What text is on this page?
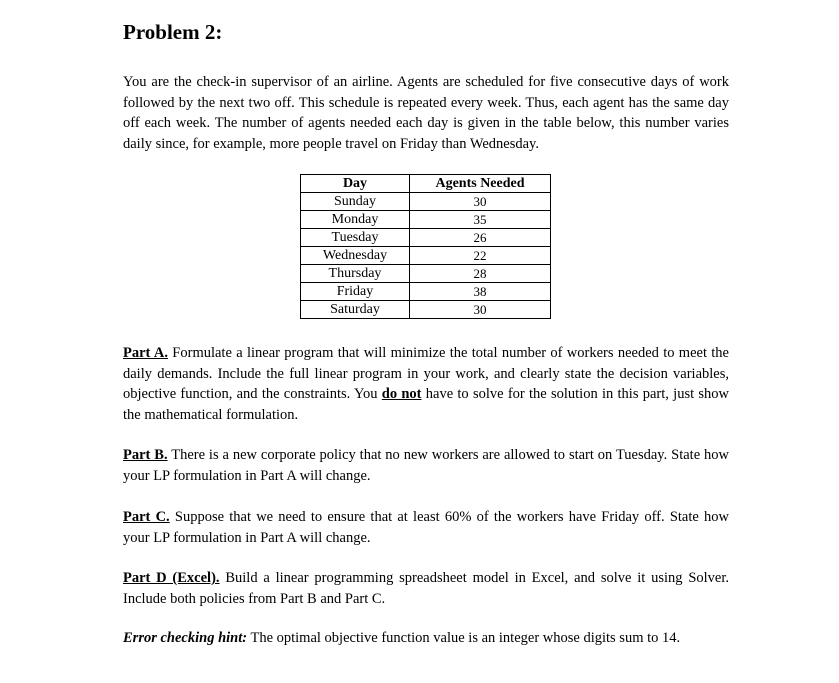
Problem 2:

You are the check-in supervisor of an airline. Agents are scheduled for five consecutive days of work followed by the next two off. This schedule is repeated every week. Thus, each agent has the same day off each week. The number of agents needed each day is given in the table below, this number varies daily since, for example, more people travel on Friday than Wednesday.

Day	Agents Needed
Sunday	30
Monday	35
Tuesday	26
Wednesday	22
Thursday	28
Friday	38
Saturday	30

Part A. Formulate a linear program that will minimize the total number of workers needed to meet the daily demands. Include the full linear program in your work, and clearly state the decision variables, objective function, and the constraints. You do not have to solve for the solution in this part, just show the mathematical formulation.

Part B. There is a new corporate policy that no new workers are allowed to start on Tuesday. State how your LP formulation in Part A will change.

Part C. Suppose that we need to ensure that at least 60% of the workers have Friday off. State how your LP formulation in Part A will change.

Part D (Excel). Build a linear programming spreadsheet model in Excel, and solve it using Solver. Include both policies from Part B and Part C.

Error checking hint: The optimal objective function value is an integer whose digits sum to 14.
